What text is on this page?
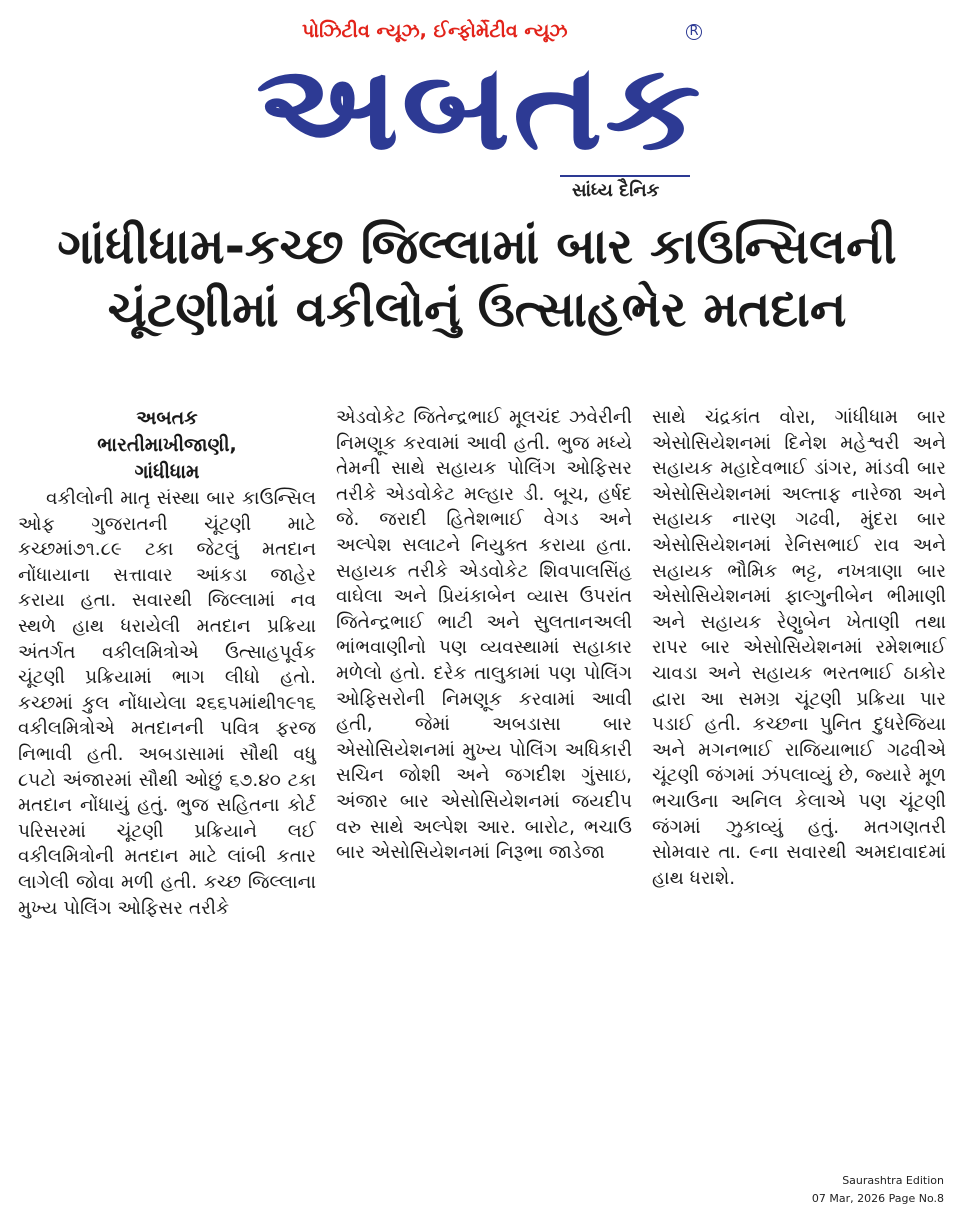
પોઝિટીવ ન્યૂઝ, ઈન્ફોર્મેટીવ ન્યૂઝ
અબતક
R
સાંધ્ય દૈનિક
ગાંધીધામ-કચ્છ જિલ્લામાં બાર કાઉન્સિલની
ચૂંટણીમાં વકીલોનું ઉત્સાહભેર મતદાન
અબતક
ભારતીમાખીજાણી,
ગાંધીધામ

વકીલોની માતૃ સંસ્થા બાર કાઉન્સિલ ઓફ ગુજરાતની ચૂંટણી માટે કચ્છમાં૭૧.૮૯ ટકા જેટલું મતદાન નોંધાયાના સત્તાવાર આંકડા જાહેર કરાયા હતા. સવારથી જિલ્લામાં નવ સ્થળે હાથ ધરાયેલી મતદાન પ્રક્રિયા અંતર્ગત વકીલમિત્રોએ ઉત્સાહપૂર્વક ચૂંટણી પ્રક્રિયામાં ભાગ લીધો હતો. કચ્છમાં કુલ નોંધાયેલા ૨૬૬૫માંથી૧૯૧૬ વકીલમિત્રોએ મતદાનની પવિત્ર ફરજ નિભાવી હતી. અબડાસામાં સૌથી વધુ ૮૫ટો અંજારમાં સૌથી ઓછું ૬૭.૪૦ ટકા મતદાન નોંધાયું હતું. ભુજ સહિતના કોર્ટ પરિસરમાં ચૂંટણી પ્રક્રિયાને લઈ વકીલમિત્રોની મતદાન માટે લાંબી કતાર લાગેલી જોવા મળી હતી. કચ્છ જિલ્લાના મુખ્ય પોલિંગ ઓફિસર તરીકે

એડવોકેટ જિતેન્દ્રભાઈ મૂલચંદ ઝવેરીની નિમણૂક કરવામાં આવી હતી. ભુજ મધ્યે તેમની સાથે સહાયક પોલિંગ ઓફિસર તરીકે એડવોકેટ મલ્હાર ડી. બૂચ, હર્ષદ જે. જરાદી હિતેશભાઈ વેગડ અને અલ્પેશ સલાટને નિયુક્ત કરાયા હતા. સહાયક તરીકે એડવોકેટ શિવપાલસિંહ વાઘેલા અને પ્રિયંકાબેન વ્યાસ ઉપરાંત જિતેન્દ્રભાઈ ભાટી અને સુલતાનઅલી ભાંભવાણીનો પણ વ્યવસ્થામાં સહાકાર મળેલો હતો. દરેક તાલુકામાં પણ પોલિંગ ઓફિસરોની નિમણૂક કરવામાં આવી હતી, જેમાં અબડાસા બાર એસોસિયેશનમાં મુખ્ય પોલિંગ અધિકારી સચિન જોશી અને જગદીશ ગુંસાઇ, અંજાર બાર એસોસિયેશનમાં જયદીપ વરુ સાથે અલ્પેશ આર. બારોટ, ભચાઉ બાર એસોસિયેશનમાં નિરૂભા જાડેજા

સાથે ચંદ્રકાંત વોરા, ગાંધીધામ બાર એસોસિયેશનમાં દિનેશ મહેશ્વરી અને સહાયક મહાદેવભાઈ ડાંગર, માંડવી બાર એસોસિયેશનમાં અલ્તાફ નારેજા અને સહાયક નારણ ગઢવી, મુંદરા બાર એસોસિયેશનમાં રેનિસભાઈ રાવ અને સહાયક ભૌમિક ભટ્ટ, નખત્રાણા બાર એસોસિયેશનમાં ફાલ્ગુનીબેન ભીમાણી અને સહાયક રેણુબેન ખેતાણી તથા રાપર બાર એસોસિયેશનમાં રમેશભાઈ ચાવડા અને સહાયક ભરતભાઈ ઠાકોર દ્વારા આ સમગ્ર ચૂંટણી પ્રક્રિયા પાર પડાઈ હતી. કચ્છના પુનિત દુધરેજિયા અને મગનભાઈ રાજિયાભાઈ ગઢવીએ ચૂંટણી જંગમાં ઝંપલાવ્યું છે, જ્યારે મૂળ ભચાઉના અનિલ કેલાએ પણ ચૂંટણી જંગમાં ઝુકાવ્યું હતું. મતગણતરી સોમવાર તા. ૯ના સવારથી અમદાવાદમાં હાથ ધરાશે.

Saurashtra Edition
07 Mar, 2026 Page No.8
